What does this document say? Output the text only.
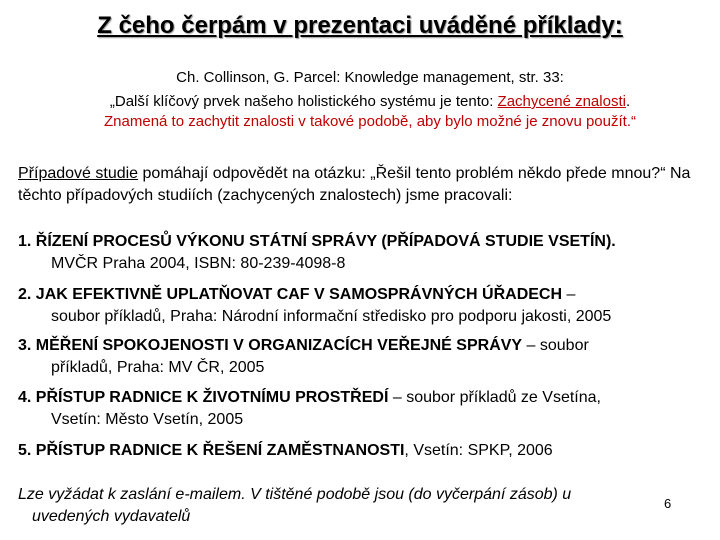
Z čeho čerpám v prezentaci uváděné příklady:
Ch. Collinson, G. Parcel: Knowledge management, str. 33:
„Další klíčový prvek našeho holistického systému je tento: Zachycené znalosti.
Znamená to zachytit znalosti v takové podobě, aby bylo možné je znovu použít.“
Případové studie pomáhají odpovědět na otázku: „Řešil tento problém někdo přede mnou?“ Na těchto případových studiích (zachycených znalostech) jsme pracovali:
1. ŘÍZENÍ PROCESŮ VÝKONU STÁTNÍ SPRÁVY (PŘÍPADOVÁ STUDIE VSETÍN).
MVČR Praha 2004, ISBN: 80-239-4098-8
2. JAK EFEKTIVNĚ UPLATŇOVAT CAF V SAMOSPRÁVNÝCH ÚŘADECH –
soubor příkladů, Praha: Národní informační středisko pro podporu jakosti, 2005
3. MĚŘENÍ SPOKOJENOSTI V ORGANIZACÍCH VEŘEJNÉ SPRÁVY – soubor
příkladů, Praha: MV ČR, 2005
4. PŘÍSTUP RADNICE K ŽIVOTNÍMU PROSTŘEDÍ – soubor příkladů ze Vsetína,
Vsetín: Město Vsetín, 2005
5. PŘÍSTUP RADNICE K ŘEŠENÍ ZAMĚSTNANOSTI, Vsetín: SPKP, 2006
Lze vyžádat k zaslání e-mailem. V tištěné podobě jsou (do vyčerpání zásob) u
uvedených vydavatelů
6
